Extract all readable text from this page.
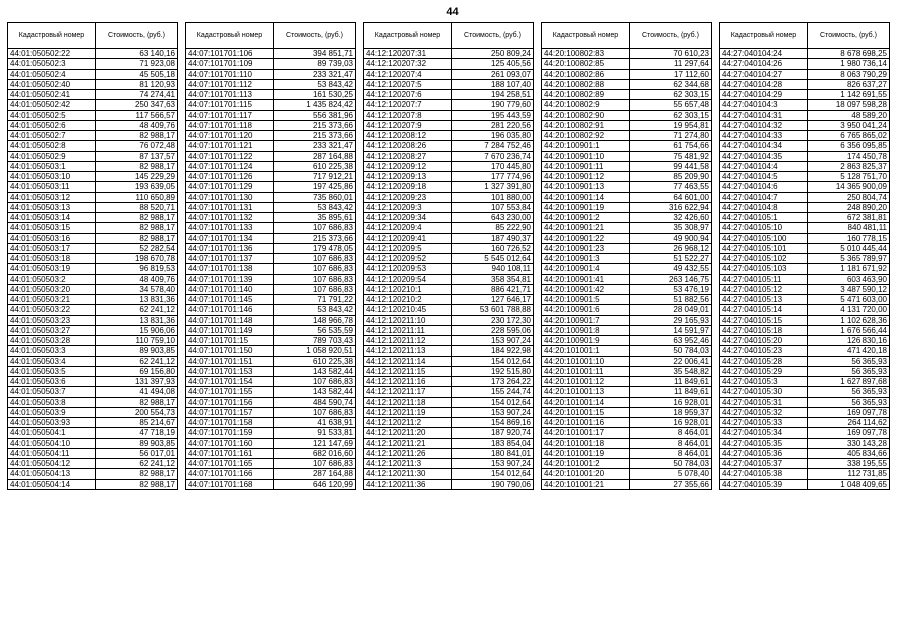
44
Кадастровый номер	Стоимость, (руб.)
44:01:050502:22	63 140,16
44:01:050502:3	71 923,08
44:01:050502:4	45 505,18
44:01:050502:40	81 120,93
44:01:050502:41	74 274,41
44:01:050502:42	250 347,63
44:01:050502:5	117 566,57
44:01:050502:6	48 409,76
44:01:050502:7	82 988,17
44:01:050502:8	76 072,48
44:01:050502:9	87 137,57
44:01:050503:1	82 988,17
44:01:050503:10	145 229,29
44:01:050503:11	193 639,05
44:01:050503:12	110 650,89
44:01:050503:13	88 520,71
44:01:050503:14	82 988,17
44:01:050503:15	82 988,17
44:01:050503:16	82 988,17
44:01:050503:17	52 282,54
44:01:050503:18	198 670,78
44:01:050503:19	96 819,53
44:01:050503:2	48 409,76
44:01:050503:20	34 578,40
44:01:050503:21	13 831,36
44:01:050503:22	62 241,12
44:01:050503:23	13 831,36
44:01:050503:27	15 906,06
44:01:050503:28	110 759,10
44:01:050503:3	89 903,85
44:01:050503:4	62 241,12
44:01:050503:5	69 156,80
44:01:050503:6	131 397,93
44:01:050503:7	41 494,08
44:01:050503:8	82 988,17
44:01:050503:9	200 554,73
44:01:050503:93	85 214,67
44:01:050504:1	47 718,19
44:01:050504:10	89 903,85
44:01:050504:11	56 017,01
44:01:050504:12	62 241,12
44:01:050504:13	82 988,17
44:01:050504:14	82 988,17
Кадастровый номер	Стоимость, (руб.)
44:07:101701:106	394 851,71
44:07:101701:109	89 739,03
44:07:101701:110	233 321,47
44:07:101701:112	53 843,42
44:07:101701:113	161 530,25
44:07:101701:115	1 435 824,42
44:07:101701:117	556 381,96
44:07:101701:118	215 373,66
44:07:101701:120	215 373,66
44:07:101701:121	233 321,47
44:07:101701:122	287 164,88
44:07:101701:124	610 225,38
44:07:101701:126	717 912,21
44:07:101701:129	197 425,86
44:07:101701:130	735 860,01
44:07:101701:131	53 843,42
44:07:101701:132	35 895,61
44:07:101701:133	107 686,83
44:07:101701:134	215 373,66
44:07:101701:136	179 478,05
44:07:101701:137	107 686,83
44:07:101701:138	107 686,83
44:07:101701:139	107 686,83
44:07:101701:140	107 686,83
44:07:101701:145	71 791,22
44:07:101701:146	53 843,42
44:07:101701:148	148 966,78
44:07:101701:149	56 535,59
44:07:101701:15	789 703,43
44:07:101701:150	1 058 920,51
44:07:101701:151	610 225,38
44:07:101701:153	143 582,44
44:07:101701:154	107 686,83
44:07:101701:155	143 582,44
44:07:101701:156	484 590,74
44:07:101701:157	107 686,83
44:07:101701:158	41 638,91
44:07:101701:159	91 533,81
44:07:101701:160	121 147,69
44:07:101701:161	682 016,60
44:07:101701:165	107 686,83
44:07:101701:166	287 164,88
44:07:101701:168	646 120,99
Кадастровый номер	Стоимость, (руб.)
44:12:120207:31	250 809,24
44:12:120207:32	125 405,56
44:12:120207:4	261 093,07
44:12:120207:5	188 107,40
44:12:120207:6	194 258,51
44:12:120207:7	190 779,60
44:12:120207:8	195 443,59
44:12:120207:9	281 220,56
44:12:120208:12	196 035,80
44:12:120208:26	7 284 752,46
44:12:120208:27	7 670 236,74
44:12:120209:12	170 445,80
44:12:120209:13	177 774,96
44:12:120209:18	1 327 391,80
44:12:120209:23	101 880,00
44:12:120209:3	107 553,84
44:12:120209:34	643 230,00
44:12:120209:4	85 222,90
44:12:120209:41	187 490,37
44:12:120209:5	160 726,52
44:12:120209:52	5 545 012,64
44:12:120209:53	940 108,11
44:12:120209:54	358 354,81
44:12:120210:1	886 421,71
44:12:120210:2	127 646,17
44:12:120210:45	53 601 788,88
44:12:120211:10	230 172,30
44:12:120211:11	228 595,06
44:12:120211:12	153 907,24
44:12:120211:13	184 922,98
44:12:120211:14	154 012,64
44:12:120211:15	192 515,80
44:12:120211:16	173 264,22
44:12:120211:17	155 244,74
44:12:120211:18	154 012,64
44:12:120211:19	153 907,24
44:12:120211:2	154 869,16
44:12:120211:20	187 920,74
44:12:120211:21	183 854,04
44:12:120211:26	180 841,01
44:12:120211:3	153 907,24
44:12:120211:30	154 012,64
44:12:120211:36	190 790,06
Кадастровый номер	Стоимость, (руб.)
44:20:100802:83	70 610,23
44:20:100802:85	11 297,64
44:20:100802:86	17 112,60
44:20:100802:88	62 344,68
44:20:100802:89	62 303,15
44:20:100802:9	55 657,48
44:20:100802:90	62 303,15
44:20:100802:91	19 954,81
44:20:100802:92	71 274,80
44:20:100901:1	61 754,66
44:20:100901:10	75 481,92
44:20:100901:11	99 441,58
44:20:100901:12	85 209,90
44:20:100901:13	77 463,55
44:20:100901:14	64 601,00
44:20:100901:19	316 622,94
44:20:100901:2	32 426,60
44:20:100901:21	35 308,97
44:20:100901:22	49 900,94
44:20:100901:23	26 968,12
44:20:100901:3	51 522,27
44:20:100901:4	49 432,55
44:20:100901:41	263 146,75
44:20:100901:42	53 476,19
44:20:100901:5	51 882,56
44:20:100901:6	28 049,01
44:20:100901:7	29 165,93
44:20:100901:8	14 591,97
44:20:100901:9	63 952,46
44:20:101001:1	50 784,03
44:20:101001:10	22 006,41
44:20:101001:11	35 548,82
44:20:101001:12	11 849,61
44:20:101001:13	11 849,61
44:20:101001:14	16 928,01
44:20:101001:15	18 959,37
44:20:101001:16	16 928,01
44:20:101001:17	8 464,01
44:20:101001:18	8 464,01
44:20:101001:19	8 464,01
44:20:101001:2	50 784,03
44:20:101001:20	5 078,40
44:20:101001:21	27 355,66
Кадастровый номер	Стоимость, (руб.)
44:27:040104:24	8 678 698,25
44:27:040104:26	1 980 736,14
44:27:040104:27	8 063 790,29
44:27:040104:28	826 637,27
44:27:040104:29	1 142 691,55
44:27:040104:3	18 097 598,28
44:27:040104:31	48 589,20
44:27:040104:32	3 950 041,24
44:27:040104:33	6 765 865,02
44:27:040104:34	6 356 095,85
44:27:040104:35	174 450,78
44:27:040104:4	2 863 825,37
44:27:040104:5	5 128 751,70
44:27:040104:6	14 365 900,09
44:27:040104:7	250 804,74
44:27:040104:8	248 890,20
44:27:040105:1	672 381,81
44:27:040105:10	840 481,11
44:27:040105:100	160 778,15
44:27:040105:101	5 010 445,44
44:27:040105:102	5 365 789,97
44:27:040105:103	1 181 671,92
44:27:040105:11	603 463,90
44:27:040105:12	3 487 590,12
44:27:040105:13	5 471 603,00
44:27:040105:14	4 131 720,00
44:27:040105:15	1 102 628,36
44:27:040105:18	1 676 566,44
44:27:040105:20	126 830,16
44:27:040105:23	471 420,18
44:27:040105:28	56 365,93
44:27:040105:29	56 365,93
44:27:040105:3	1 627 897,68
44:27:040105:30	56 365,93
44:27:040105:31	56 365,93
44:27:040105:32	169 097,78
44:27:040105:33	264 114,62
44:27:040105:34	169 097,78
44:27:040105:35	330 143,28
44:27:040105:36	405 834,66
44:27:040105:37	338 195,55
44:27:040105:38	112 731,85
44:27:040105:39	1 048 409,65
